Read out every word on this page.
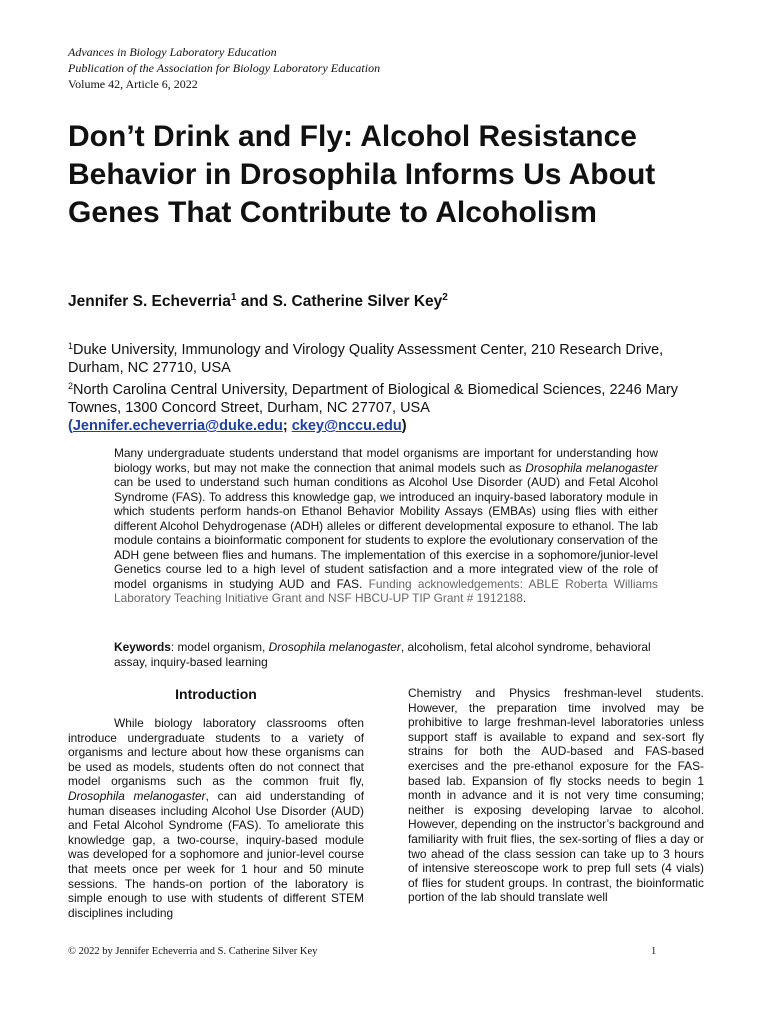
Advances in Biology Laboratory Education
Publication of the Association for Biology Laboratory Education
Volume 42, Article 6, 2022
Don’t Drink and Fly: Alcohol Resistance Behavior in Drosophila Informs Us About Genes That Contribute to Alcoholism
Jennifer S. Echeverria$^1$ and S. Catherine Silver Key$^2$
$^1$Duke University, Immunology and Virology Quality Assessment Center, 210 Research Drive, Durham, NC 27710, USA
$^2$North Carolina Central University, Department of Biological & Biomedical Sciences, 2246 Mary Townes, 1300 Concord Street, Durham, NC 27707, USA
(Jennifer.echeverria@duke.edu; ckey@nccu.edu)

Many undergraduate students understand that model organisms are important for understanding how biology works, but may not make the connection that animal models such as Drosophila melanogaster can be used to understand such human conditions as Alcohol Use Disorder (AUD) and Fetal Alcohol Syndrome (FAS). To address this knowledge gap, we introduced an inquiry-based laboratory module in which students perform hands-on Ethanol Behavior Mobility Assays (EMBAs) using flies with either different Alcohol Dehydrogenase (ADH) alleles or different developmental exposure to ethanol. The lab module contains a bioinformatic component for students to explore the evolutionary conservation of the ADH gene between flies and humans. The implementation of this exercise in a sophomore/junior-level Genetics course led to a high level of student satisfaction and a more integrated view of the role of model organisms in studying AUD and FAS. Funding acknowledgements: ABLE Roberta Williams Laboratory Teaching Initiative Grant and NSF HBCU-UP TIP Grant # 1912188.

Keywords: model organism, Drosophila melanogaster, alcoholism, fetal alcohol syndrome, behavioral assay, inquiry-based learning

Introduction

While biology laboratory classrooms often introduce undergraduate students to a variety of organisms and lecture about how these organisms can be used as models, students often do not connect that model organisms such as the common fruit fly, Drosophila melanogaster, can aid understanding of human diseases including Alcohol Use Disorder (AUD) and Fetal Alcohol Syndrome (FAS). To ameliorate this knowledge gap, a two-course, inquiry-based module was developed for a sophomore and junior-level course that meets once per week for 1 hour and 50 minute sessions. The hands-on portion of the laboratory is simple enough to use with students of different STEM disciplines including

Chemistry and Physics freshman-level students. However, the preparation time involved may be prohibitive to large freshman-level laboratories unless support staff is available to expand and sex-sort fly strains for both the AUD-based and FAS-based exercises and the pre-ethanol exposure for the FAS-based lab. Expansion of fly stocks needs to begin 1 month in advance and it is not very time consuming; neither is exposing developing larvae to alcohol. However, depending on the instructor’s background and familiarity with fruit flies, the sex-sorting of flies a day or two ahead of the class session can take up to 3 hours of intensive stereoscope work to prep full sets (4 vials) of flies for student groups. In contrast, the bioinformatic portion of the lab should translate well

© 2022 by Jennifer Echeverria and S. Catherine Silver Key	1
